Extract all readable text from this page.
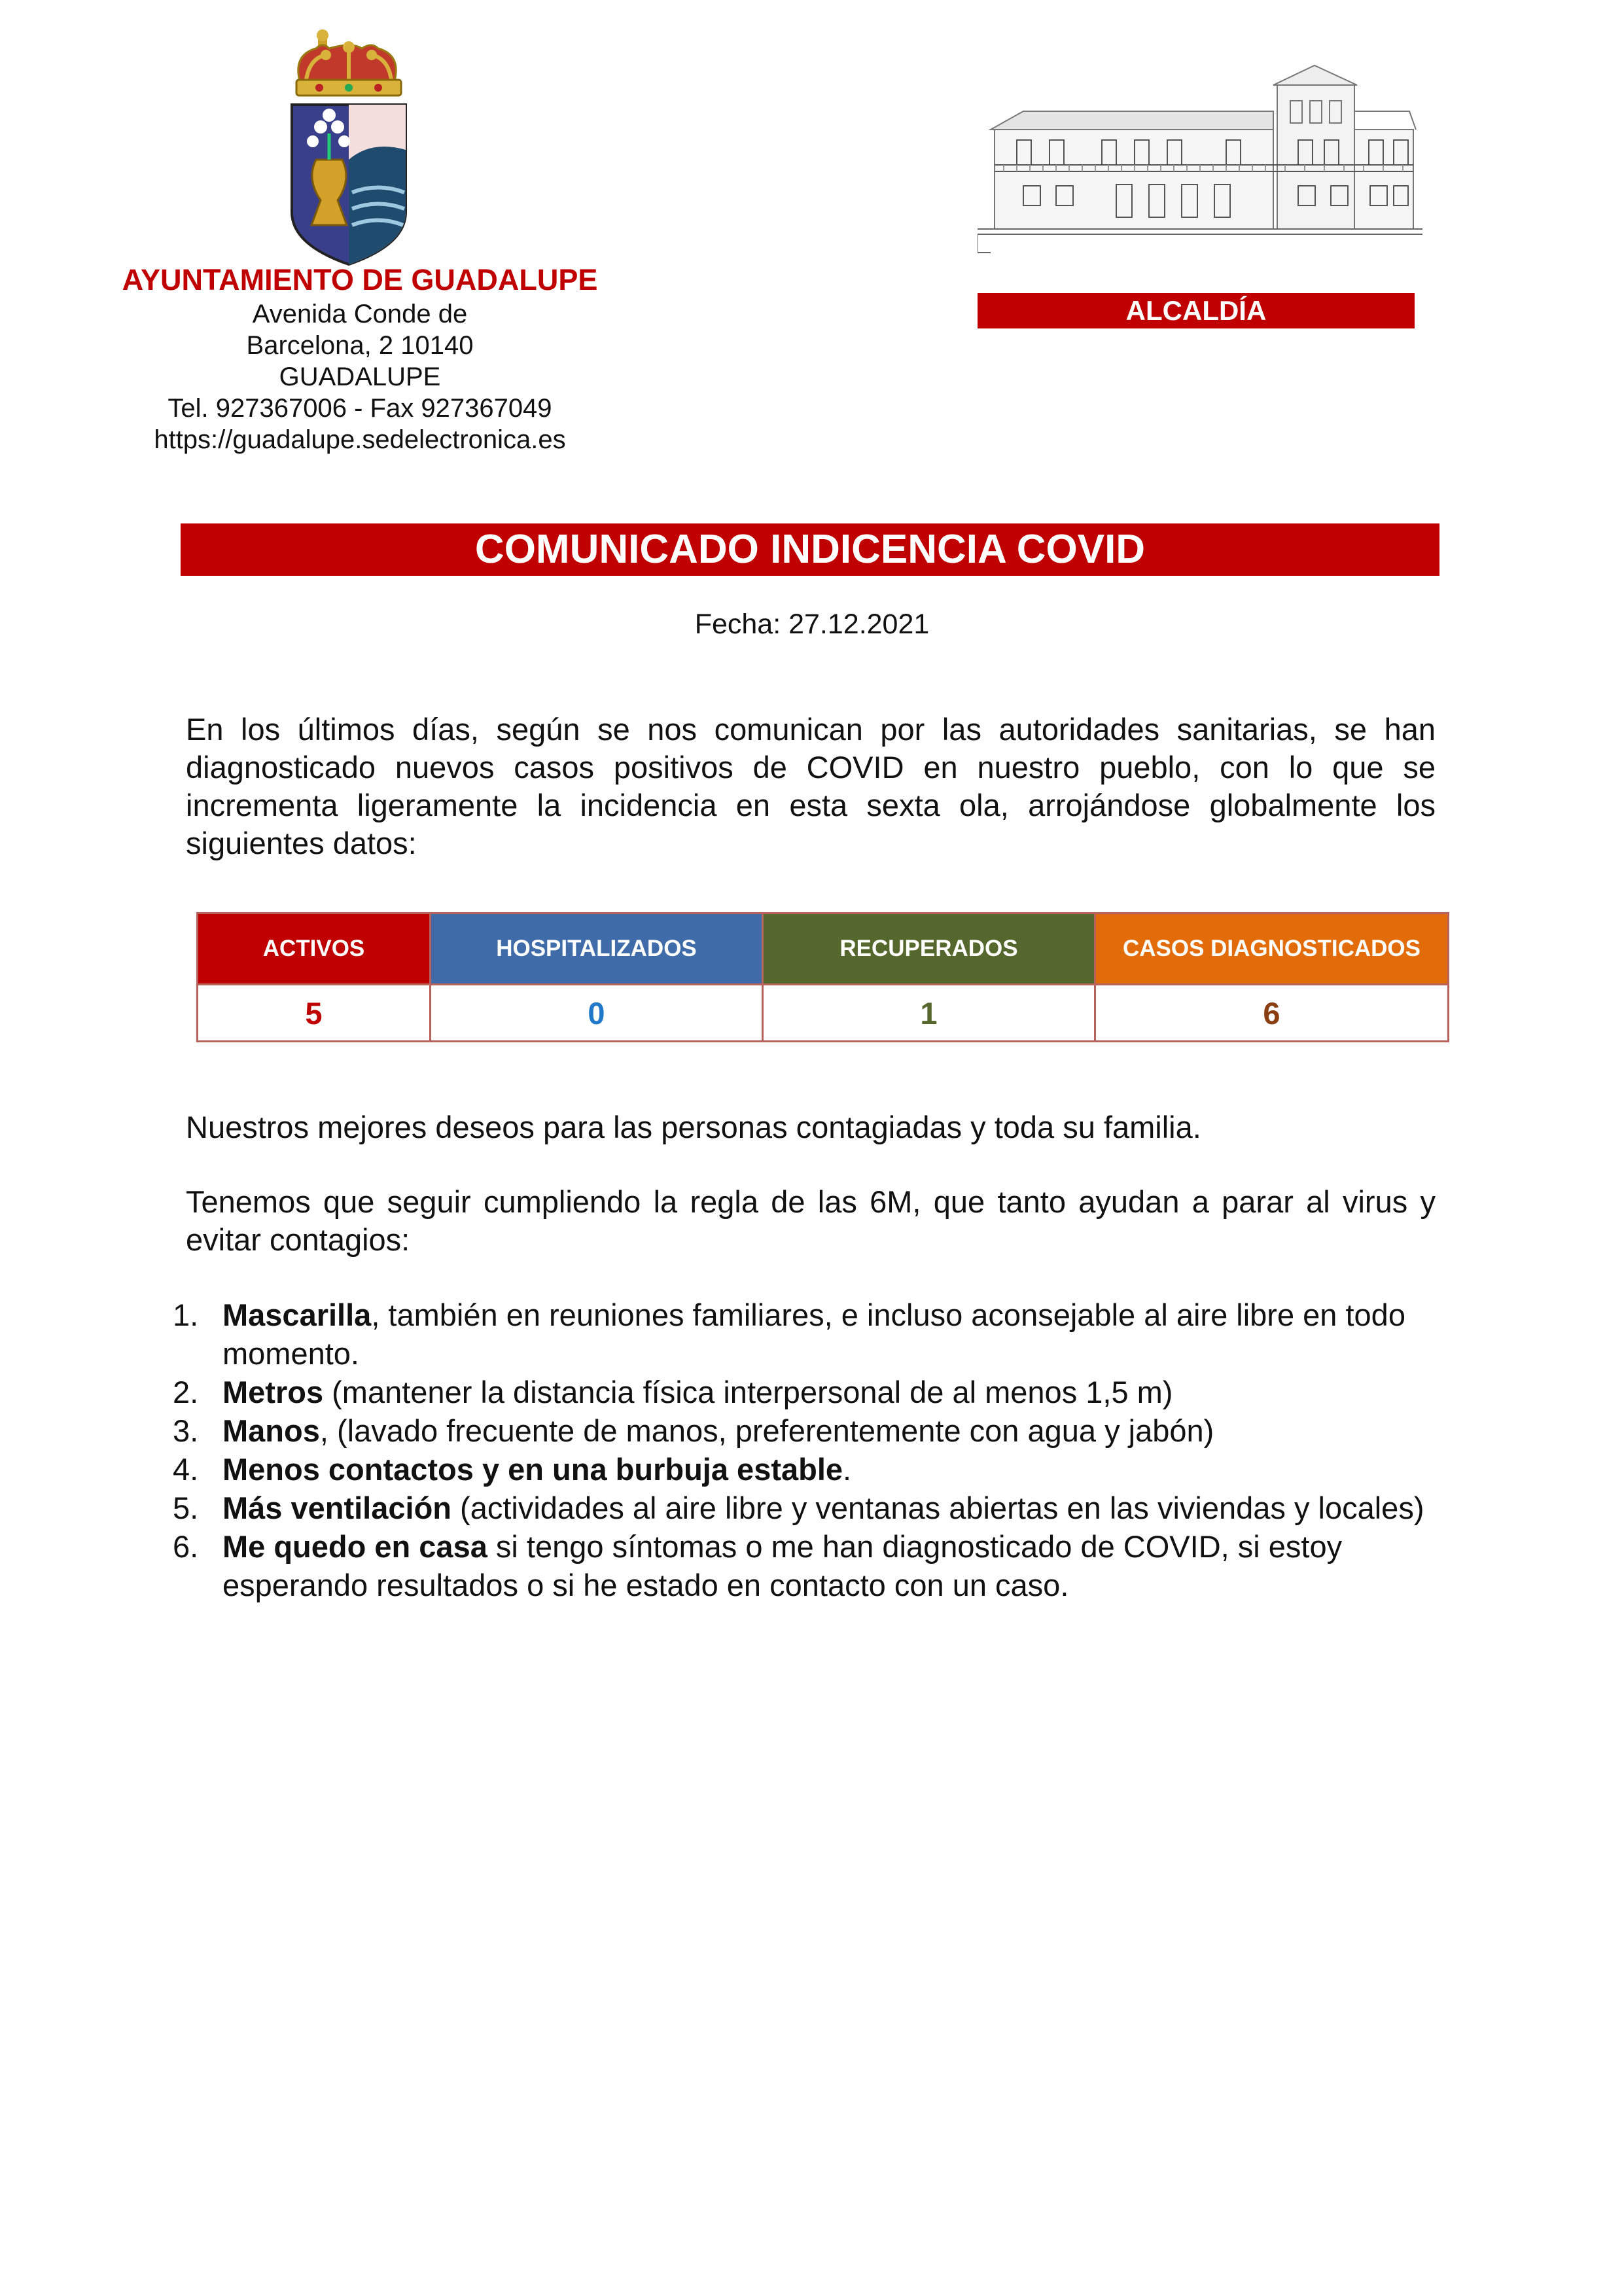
AYUNTAMIENTO DE GUADALUPE
Avenida Conde de
Barcelona, 2 10140
GUADALUPE
Tel. 927367006 - Fax 927367049
https://guadalupe.sedelectronica.es
ALCALDÍA
COMUNICADO INDICENCIA COVID
Fecha: 27.12.2021

En los últimos días, según se nos comunican por las autoridades sanitarias, se han diagnosticado nuevos casos positivos de COVID en nuestro pueblo, con lo que se incrementa ligeramente la incidencia en esta sexta ola, arrojándose globalmente los siguientes datos:

ACTIVOS	HOSPITALIZADOS	RECUPERADOS	CASOS DIAGNOSTICADOS
5	0	1	6

Nuestros mejores deseos para las personas contagiadas y toda su familia.

Tenemos que seguir cumpliendo la regla de las 6M, que tanto ayudan a parar al virus y evitar contagios:

1. Mascarilla, también en reuniones familiares, e incluso aconsejable al aire libre en todo momento.
2. Metros (mantener la distancia física interpersonal de al menos 1,5 m)
3. Manos, (lavado frecuente de manos, preferentemente con agua y jabón)
4. Menos contactos y en una burbuja estable.
5. Más ventilación (actividades al aire libre y ventanas abiertas en las viviendas y locales)
6. Me quedo en casa si tengo síntomas o me han diagnosticado de COVID, si estoy esperando resultados o si he estado en contacto con un caso.
